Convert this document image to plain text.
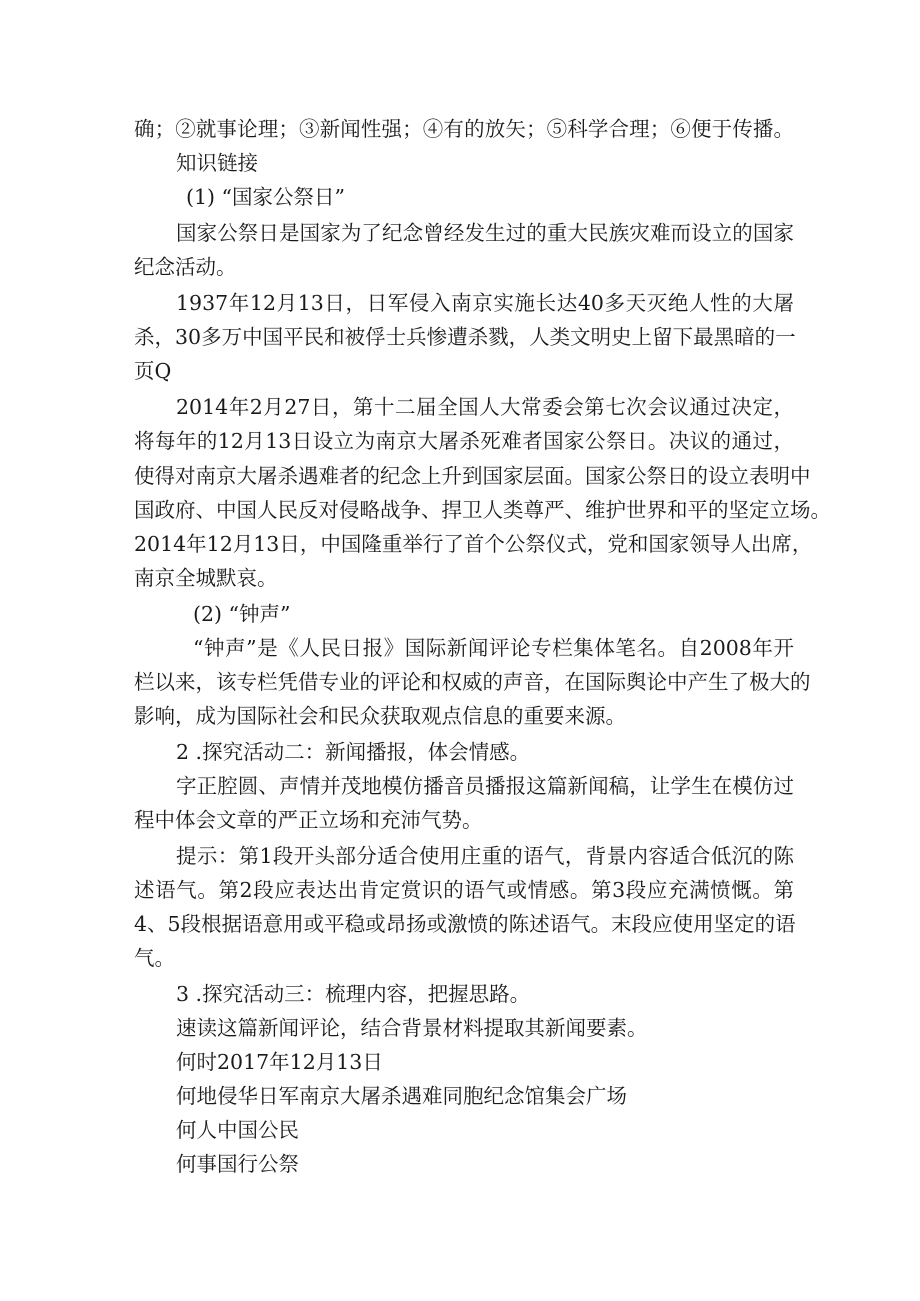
确；②就事论理；③新闻性强；④有的放矢；⑤科学合理；⑥便于传播。
知识链接
(1) “国家公祭日”
国家公祭日是国家为了纪念曾经发生过的重大民族灾难而设立的国家
纪念活动。
1937年12月13日，日军侵入南京实施长达40多天灭绝人性的大屠
杀，30多万中国平民和被俘士兵惨遭杀戮，人类文明史上留下最黑暗的一
页Q
2014年2月27日，第十二届全国人大常委会第七次会议通过决定，
将每年的12月13日设立为南京大屠杀死难者国家公祭日。决议的通过，
使得对南京大屠杀遇难者的纪念上升到国家层面。国家公祭日的设立表明中
国政府、中国人民反对侵略战争、捍卫人类尊严、维护世界和平的坚定立场。
2014年12月13日，中国隆重举行了首个公祭仪式，党和国家领导人出席，
南京全城默哀。
(2) “钟声”
“钟声”是《人民日报》国际新闻评论专栏集体笔名。自2008年开
栏以来，该专栏凭借专业的评论和权威的声音，在国际舆论中产生了极大的
影响，成为国际社会和民众获取观点信息的重要来源。
2 .探究活动二：新闻播报，体会情感。
字正腔圆、声情并茂地模仿播音员播报这篇新闻稿，让学生在模仿过
程中体会文章的严正立场和充沛气势。
提示：第1段开头部分适合使用庄重的语气，背景内容适合低沉的陈
述语气。第2段应表达出肯定赏识的语气或情感。第3段应充满愤慨。第
4、5段根据语意用或平稳或昂扬或激愤的陈述语气。末段应使用坚定的语
气。
3 .探究活动三：梳理内容，把握思路。
速读这篇新闻评论，结合背景材料提取其新闻要素。
何时2017年12月13日
何地侵华日军南京大屠杀遇难同胞纪念馆集会广场
何人中国公民
何事国行公祭
